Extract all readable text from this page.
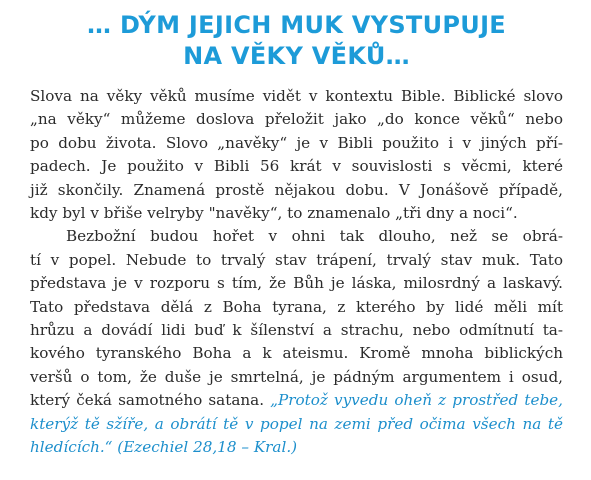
… DÝM JEJICH MUK VYSTUPUJE
NA VĚKY VĚKŮ…
Slova na věky věků musíme vidět v kontextu Bible. Biblické slovo
„na věky“ můžeme doslova přeložit jako „do konce věků“ nebo
po dobu života. Slovo „navěky“ je v Bibli použito i v jiných pří-
padech. Je použito v Bibli 56 krát v souvislosti s věcmi, které
již skončily. Znamená prostě nějakou dobu. V Jonášově případě,
kdy byl v břiše velryby "navěky“, to znamenalo „tři dny a noci“.
Bezbožní budou hořet v ohni tak dlouho, než se obrá-
tí v popel. Nebude to trvalý stav trápení, trvalý stav muk. Tato
představa je v rozporu s tím, že Bůh je láska, milosrdný a laskavý.
Tato představa dělá z Boha tyrana, z kterého by lidé měli mít
hrůzu a dovádí lidi buď k šílenství a strachu, nebo odmítnutí ta-
kového tyranského Boha a k ateismu. Kromě mnoha biblických
veršů o tom, že duše je smrtelná, je pádným argumentem i osud,
který čeká samotného satana. „Protož vyvedu oheň z prostřed tebe,
kterýž tě sžíře, a obrátí tě v popel na zemi před očima všech na tě
hledících.“ (Ezechiel 28,18 – Kral.)
